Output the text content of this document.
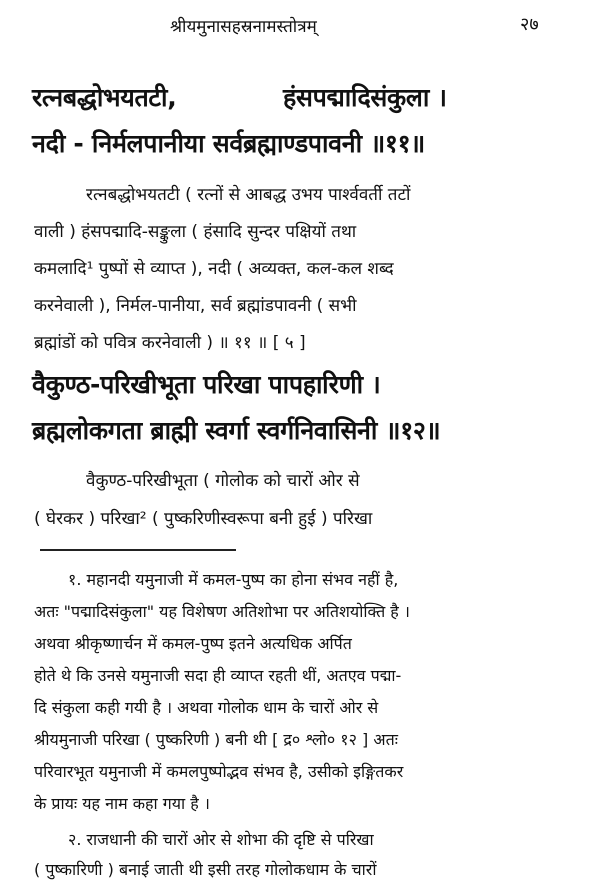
श्रीयमुनासहस्रनामस्तोत्रम्	२७
रत्नबद्धोभयतटी,	हंसपद्मादिसंकुला ।
नदी - निर्मलपानीया सर्वब्रह्माण्डपावनी ॥११॥
रत्नबद्धोभयतटी ( रत्नों से आबद्ध उभय पार्श्ववर्ती तटों
वाली ) हंसपद्मादि-सङ्कुला ( हंसादि सुन्दर पक्षियों तथा
कमलादि¹ पुष्पों से व्याप्त ), नदी ( अव्यक्त, कल-कल शब्द
करनेवाली ), निर्मल-पानीया, सर्व ब्रह्मांडपावनी ( सभी
ब्रह्मांडों को पवित्र करनेवाली ) ॥ ११ ॥ [ ५ ]
वैकुण्ठ-परिखीभूता परिखा पापहारिणी ।
ब्रह्मलोकगता ब्राह्मी स्वर्गा स्वर्गनिवासिनी ॥१२॥
वैकुण्ठ-परिखीभूता ( गोलोक को चारों ओर से
( घेरकर ) परिखा² ( पुष्करिणीस्वरूपा बनी हुई ) परिखा
१. महानदी यमुनाजी में कमल-पुष्प का होना संभव नहीं है,
अतः "पद्मादिसंकुला" यह विशेषण अतिशोभा पर अतिशयोक्ति है ।
अथवा श्रीकृष्णार्चन में कमल-पुष्प इतने अत्यधिक अर्पित
होते थे कि उनसे यमुनाजी सदा ही व्याप्त रहती थीं, अतएव पद्मा-
दि संकुला कही गयी है । अथवा गोलोक धाम के चारों ओर से
श्रीयमुनाजी परिखा ( पुष्करिणी ) बनी थी [ द्र० श्लो० १२ ] अतः
परिवारभूत यमुनाजी में कमलपुष्पोद्भव संभव है, उसीको इङ्गितकर
के प्रायः यह नाम कहा गया है ।
२. राजधानी की चारों ओर से शोभा की दृष्टि से परिखा
( पुष्कारिणी ) बनाई जाती थी इसी तरह गोलोकधाम के चारों
